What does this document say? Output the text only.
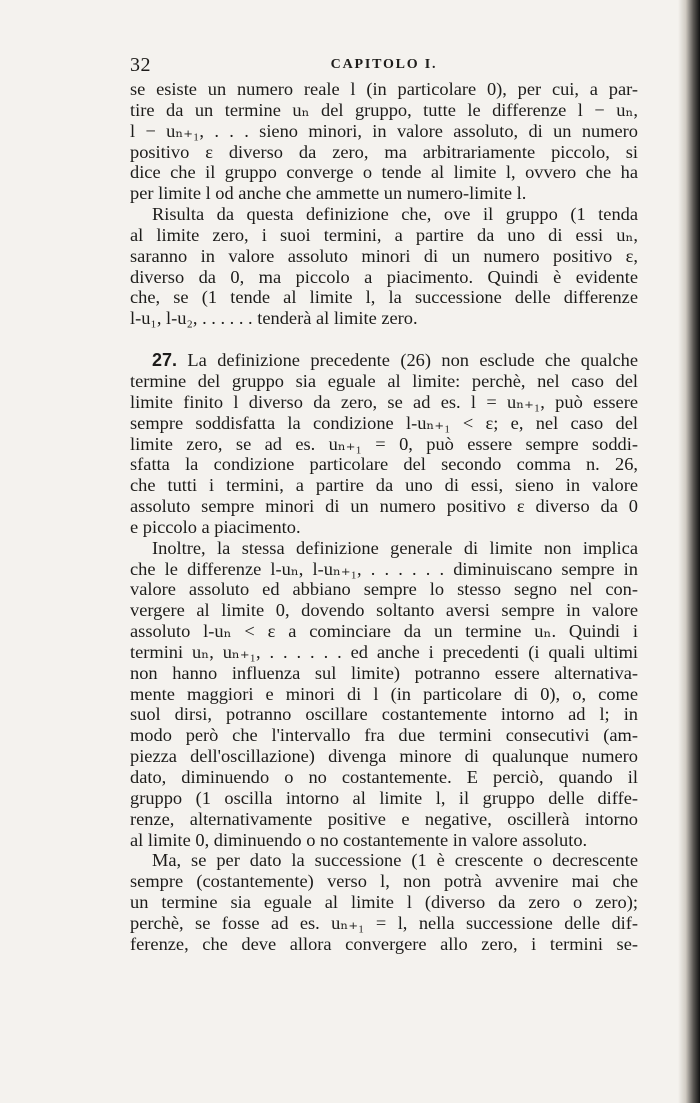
32	CAPITOLO I.
se esiste un numero reale l (in particolare 0), per cui, a par-
tire da un termine uₙ del gruppo, tutte le differenze l − uₙ,
l − uₙ₊₁, . . . sieno minori, in valore assoluto, di un numero
positivo ε diverso da zero, ma arbitrariamente piccolo, si
dice che il gruppo converge o tende al limite l, ovvero che ha
per limite l od anche che ammette un numero-limite l.
Risulta da questa definizione che, ove il gruppo (1 tenda
al limite zero, i suoi termini, a partire da uno di essi uₙ,
saranno in valore assoluto minori di un numero positivo ε,
diverso da 0, ma piccolo a piacimento. Quindi è evidente
che, se (1 tende al limite l, la successione delle differenze
l-u₁, l-u₂, . . . . . . tenderà al limite zero.
27. La definizione precedente (26) non esclude che qualche
termine del gruppo sia eguale al limite: perchè, nel caso del
limite finito l diverso da zero, se ad es. l = uₙ₊₁, può essere
sempre soddisfatta la condizione l-uₙ₊₁ < ε; e, nel caso del
limite zero, se ad es. uₙ₊₁ = 0, può essere sempre soddi-
sfatta la condizione particolare del secondo comma n. 26,
che tutti i termini, a partire da uno di essi, sieno in valore
assoluto sempre minori di un numero positivo ε diverso da 0
e piccolo a piacimento.
Inoltre, la stessa definizione generale di limite non implica
che le differenze l-uₙ, l-uₙ₊₁, . . . . . . diminuiscano sempre in
valore assoluto ed abbiano sempre lo stesso segno nel con-
vergere al limite 0, dovendo soltanto aversi sempre in valore
assoluto l-uₙ < ε a cominciare da un termine uₙ. Quindi i
termini uₙ, uₙ₊₁, . . . . . . ed anche i precedenti (i quali ultimi
non hanno influenza sul limite) potranno essere alternativa-
mente maggiori e minori di l (in particolare di 0), o, come
suol dirsi, potranno oscillare costantemente intorno ad l; in
modo però che l'intervallo fra due termini consecutivi (am-
piezza dell'oscillazione) divenga minore di qualunque numero
dato, diminuendo o no costantemente. E perciò, quando il
gruppo (1 oscilla intorno al limite l, il gruppo delle diffe-
renze, alternativamente positive e negative, oscillerà intorno
al limite 0, diminuendo o no costantemente in valore assoluto.
Ma, se per dato la successione (1 è crescente o decrescente
sempre (costantemente) verso l, non potrà avvenire mai che
un termine sia eguale al limite l (diverso da zero o zero);
perchè, se fosse ad es. uₙ₊₁ = l, nella successione delle dif-
ferenze, che deve allora convergere allo zero, i termini se-
